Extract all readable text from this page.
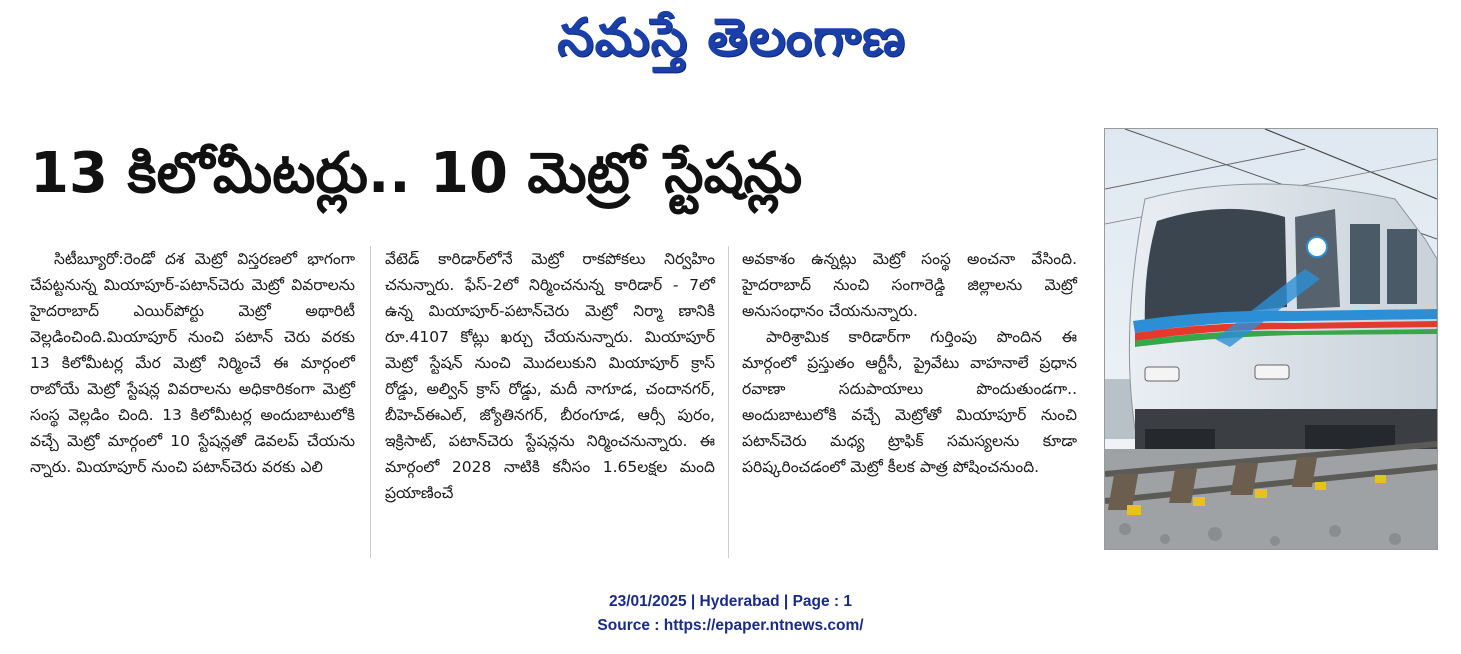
నమస్తే తెలంగాణ
13 కిలోమీటర్లు.. 10 మెట్రో స్టేషన్లు

సిటీబ్యూరో:రెండో దశ మెట్రో విస్తరణలో భాగంగా చేపట్టనున్న మియాపూర్-పటాన్‌చెరు మెట్రో వివరాలను హైదరాబాద్ ఎయిర్‌పోర్టు మెట్రో అథారిటీ వెల్లడించింది.మియాపూర్ నుంచి పటాన్ చెరు వరకు 13 కిలోమీటర్ల మేర మెట్రో నిర్మించే ఈ మార్గంలో రాబోయే మెట్రో స్టేషన్ల వివరాలను అధికారికంగా మెట్రో సంస్థ వెల్లడిం చింది. 13 కిలోమీటర్ల అందుబాటులోకి వచ్చే మెట్రో మార్గంలో 10 స్టేషన్లతో డెవలప్ చేయను న్నారు. మియాపూర్ నుంచి పటాన్‌చెరు వరకు ఎలి

వేటెడ్ కారిడార్‌లోనే మెట్రో రాకపోకలు నిర్వహిం చనున్నారు. ఫేస్-2లో నిర్మించనున్న కారిడార్ - 7లో ఉన్న మియాపూర్-పటాన్‌చెరు మెట్రో నిర్మా ణానికి రూ.4107 కోట్లు ఖర్చు చేయనున్నారు. మియాపూర్ మెట్రో స్టేషన్ నుంచి మొదలుకుని మియాపూర్ క్రాస్ రోడ్డు, అల్విన్ క్రాస్ రోడ్డు, మదీ నాగూడ, చందానగర్, బీహెచ్‌ఈఎల్, జ్యోతినగర్, బీరంగూడ, ఆర్సీ పురం, ఇక్రిసాట్, పటాన్‌చెరు స్టేషన్లను నిర్మించనున్నారు. ఈ మార్గంలో 2028 నాటికి కనీసం 1.65లక్షల మంది ప్రయాణించే

అవకాశం ఉన్నట్లు మెట్రో సంస్థ అంచనా వేసింది. హైదరాబాద్ నుంచి సంగారెడ్డి జిల్లాలను మెట్రో అనుసంధానం చేయనున్నారు.

పారిశ్రామిక కారిడార్‌గా గుర్తింపు పొందిన ఈ మార్గంలో ప్రస్తుతం ఆర్టీసీ, ప్రైవేటు వాహనాలే ప్రధాన రవాణా సదుపాయాలు పొందుతుండగా.. అందుబాటులోకి వచ్చే మెట్రోతో మియాపూర్ నుంచి పటాన్‌చెరు మధ్య ట్రాఫిక్ సమస్యలను కూడా పరిష్కరించడంలో మెట్రో కీలక పాత్ర పోషించనుంది.

23/01/2025 | Hyderabad | Page : 1
Source : https://epaper.ntnews.com/
